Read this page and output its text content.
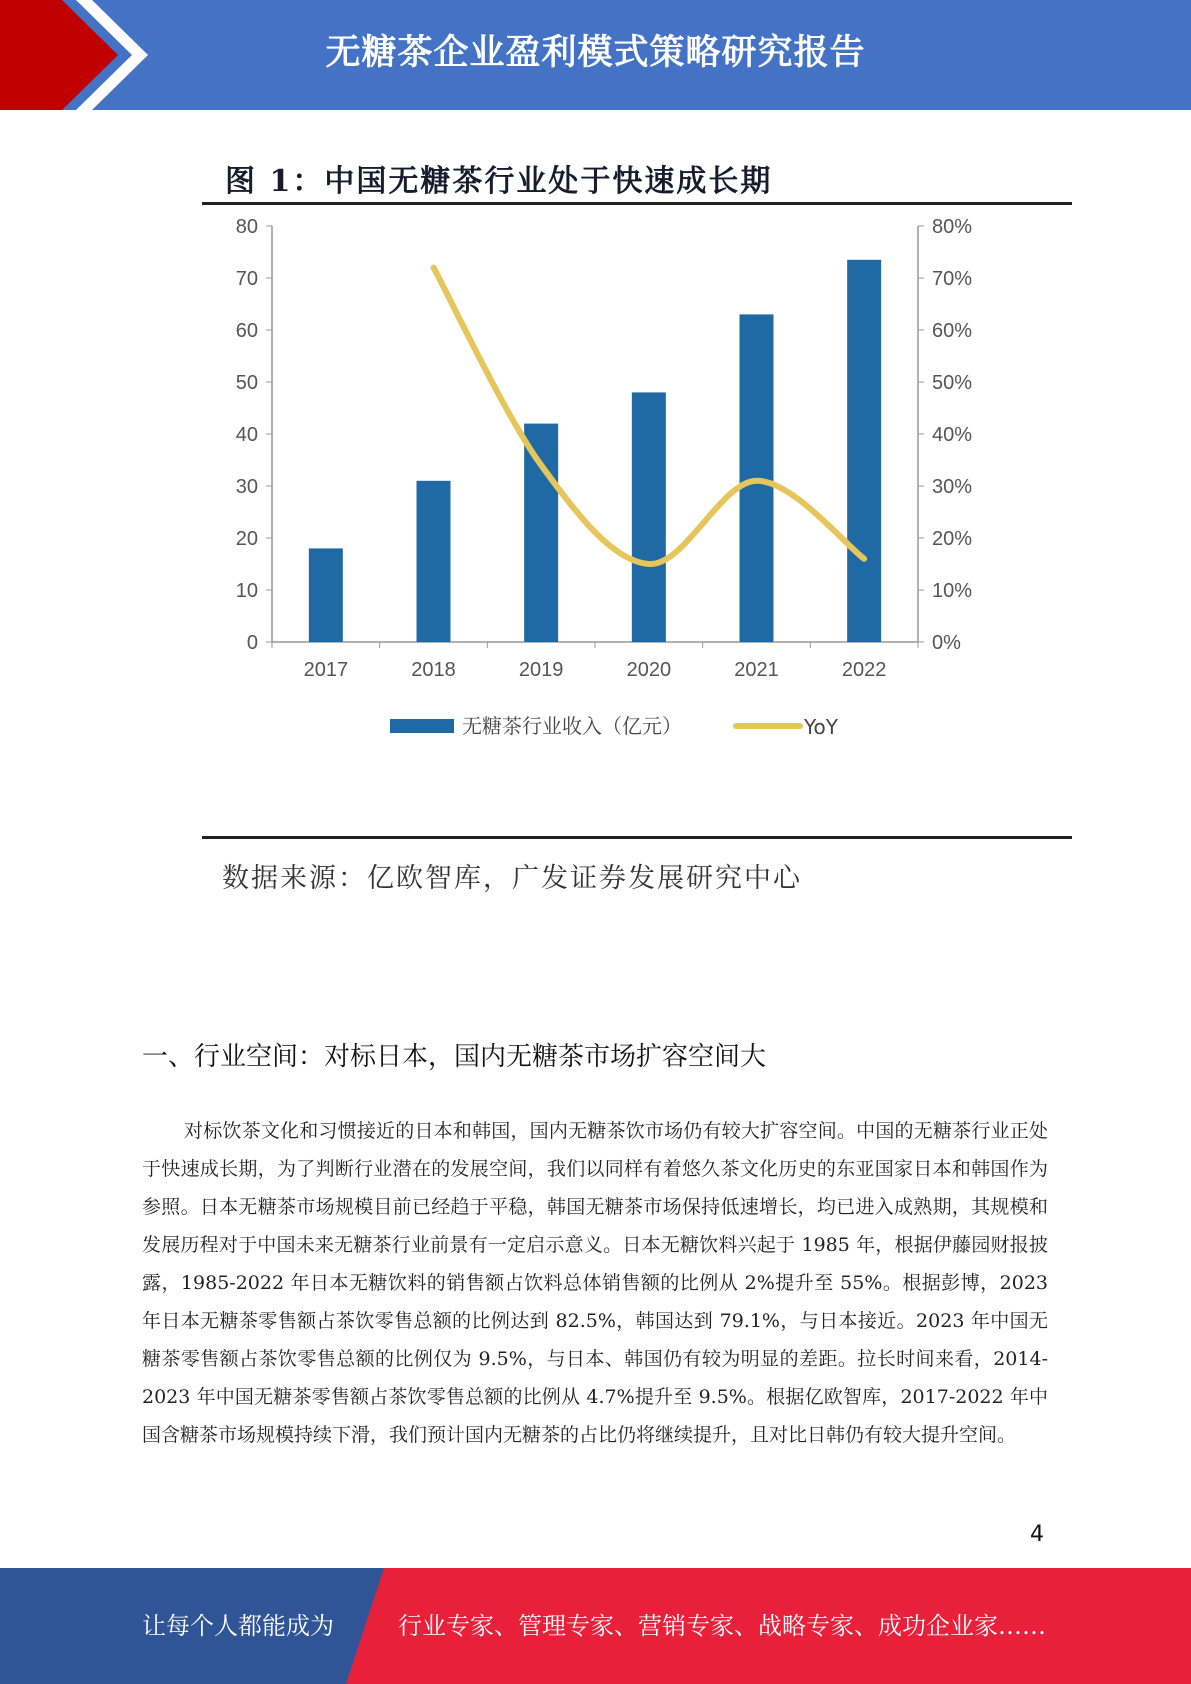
无糖茶企业盈利模式策略研究报告
图 1：中国无糖茶行业处于快速成长期
0
10
20
30
40
50
60
70
80
0%
10%
20%
30%
40%
50%
60%
70%
80%
2017	2018	2019	2020	2021	2022
无糖茶行业收入（亿元）	YoY
数据来源：亿欧智库，广发证券发展研究中心
一、行业空间：对标日本，国内无糖茶市场扩容空间大
对标饮茶文化和习惯接近的日本和韩国，国内无糖茶饮市场仍有较大扩容空间。中国的无糖茶行业正处于快速成长期，为了判断行业潜在的发展空间，我们以同样有着悠久茶文化历史的东亚国家日本和韩国作为参照。日本无糖茶市场规模目前已经趋于平稳，韩国无糖茶市场保持低速增长，均已进入成熟期，其规模和发展历程对于中国未来无糖茶行业前景有一定启示意义。日本无糖饮料兴起于 1985 年，根据伊藤园财报披露，1985-2022 年日本无糖饮料的销售额占饮料总体销售额的比例从 2%提升至 55%。根据彭博，2023 年日本无糖茶零售额占茶饮零售总额的比例达到 82.5%，韩国达到 79.1%，与日本接近。2023 年中国无糖茶零售额占茶饮零售总额的比例仅为 9.5%，与日本、韩国仍有较为明显的差距。拉长时间来看，2014-2023 年中国无糖茶零售额占茶饮零售总额的比例从 4.7%提升至 9.5%。根据亿欧智库，2017-2022 年中国含糖茶市场规模持续下滑，我们预计国内无糖茶的占比仍将继续提升，且对比日韩仍有较大提升空间。
4
让每个人都能成为	行业专家、管理专家、营销专家、战略专家、成功企业家……
